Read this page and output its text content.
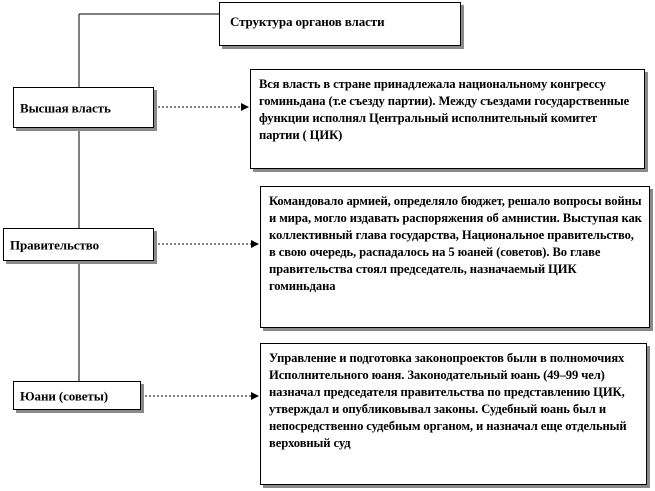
Структура органов власти
Высшая власть
Вся власть в стране принадлежала национальному конгрессу гоминьдана (т.е съезду партии). Между съездами государственные функции исполнял Центральный исполнительный комитет партии ( ЦИК)
Правительство
Командовало армией, определяло бюджет, решало вопросы войны и мира, могло издавать распоряжения об амнистии. Выступая как коллективный глава государства, Национальное правительство, в свою очередь, распадалось на 5 юаней (советов). Во главе правительства стоял председатель, назначаемый ЦИК гоминьдана
Юани (советы)
Управление и подготовка законопроектов были в полномочиях Исполнительного юаня. Законодательный юань (49–99 чел) назначал председателя правительства по представлению ЦИК, утверждал и опубликовывал законы. Судебный юань был и непосредственно судебным органом, и назначал еще отдельный верховный суд
